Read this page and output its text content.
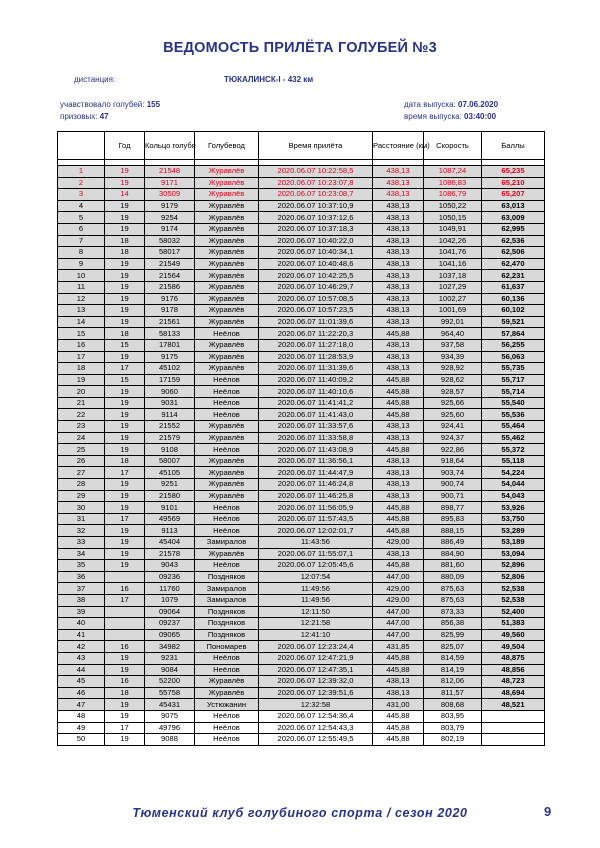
ВЕДОМОСТЬ ПРИЛЁТА ГОЛУБЕЙ №3
дистанция:	ТЮКАЛИНСК-I - 432 км
учавствовало голубей: 155
призовых: 47
дата выпуска: 07.06.2020
время выпуска: 03:40:00
	Год	Кольцо голубя	Голубевод	Время прилёта	Расстояние (км)	Скорость	Баллы

1	19	21548	Журавлёв	2020.06.07 10:22:58,5	438,13	1087,24	65,235
2	19	9171	Журавлёв	2020.06.07 10:23:07,8	438,13	1086,83	65,210
3	14	30509	Журавлёв	2020.06.07 10:23:08,7	438,13	1086,79	65,207
4	19	9179	Журавлёв	2020.06.07 10:37:10,9	438,13	1050,22	63,013
5	19	9254	Журавлёв	2020.06.07 10:37:12,6	438,13	1050,15	63,009
6	19	9174	Журавлёв	2020.06.07 10:37:18,3	438,13	1049,91	62,995
7	18	58032	Журавлёв	2020.06.07 10:40:22,0	438,13	1042,26	62,536
8	18	58017	Журавлёв	2020.06.07 10:40:34,1	438,13	1041,76	62,506
9	19	21549	Журавлёв	2020.06.07 10:40:48,6	438,13	1041,16	62,470
10	19	21564	Журавлёв	2020.06.07 10:42:25,5	438,13	1037,18	62,231
11	19	21586	Журавлёв	2020.06.07 10:46:29,7	438,13	1027,29	61,637
12	19	9176	Журавлёв	2020.06.07 10:57:08,5	438,13	1002,27	60,136
13	19	9178	Журавлёв	2020.06.07 10:57:23,5	438,13	1001,69	60,102
14	19	21561	Журавлёв	2020.06.07 11:01:39,6	438,13	992,01	59,521
15	18	58133	Неёлов	2020.06.07 11:22:20,3	445,88	964,40	57,864
16	15	17801	Журавлёв	2020.06.07 11:27:18,0	438,13	937,58	56,255
17	19	9175	Журавлёв	2020.06.07 11:28:53,9	438,13	934,39	56,063
18	17	45102	Журавлёв	2020.06.07 11:31:39,6	438,13	928,92	55,735
19	15	17159	Неёлов	2020.06.07 11:40:09,2	445,88	928,62	55,717
20	19	9060	Неёлов	2020.06.07 11:40:10,6	445,88	928,57	55,714
21	19	9031	Неёлов	2020.06.07 11:41:41,2	445,88	925,66	55,540
22	19	9114	Неёлов	2020.06.07 11:41:43,0	445,88	925,60	55,536
23	19	21552	Журавлёв	2020.06.07 11:33:57,6	438,13	924,41	55,464
24	19	21579	Журавлёв	2020.06.07 11:33:58,8	438,13	924,37	55,462
25	19	9108	Неёлов	2020.06.07 11:43:08,9	445,88	922,86	55,372
26	18	58007	Журавлёв	2020.06.07 11:36:56,1	438,13	918,64	55,118
27	17	45105	Журавлёв	2020.06.07 11:44:47,9	438,13	903,74	54,224
28	19	9251	Журавлёв	2020.06.07 11:46:24,8	438,13	900,74	54,044
29	19	21580	Журавлёв	2020.06.07 11:46:25,8	438,13	900,71	54,043
30	19	9101	Неёлов	2020.06.07 11:56:05,9	445,88	898,77	53,926
31	17	49569	Неёлов	2020.06.07 11:57:43,5	445,88	895,83	53,750
32	19	9113	Неёлов	2020.06.07 12:02:01,7	445,88	888,15	53,289
33	19	45404	Замиралов	11:43:56	429,00	886,49	53,189
34	19	21578	Журавлёв	2020.06.07 11:55:07,1	438,13	884,90	53,094
35	19	9043	Неёлов	2020.06.07 12:05:45,6	445,88	881,60	52,896
36		09236	Поздняков	12:07:54	447,00	880,09	52,806
37	16	11760	Замиралов	11:49:56	429,00	875,63	52,538
38	17	1079	Замиралов	11:49:56	429,00	875,63	52,538
39		09064	Поздняков	12:11:50	447,00	873,33	52,400
40		09237	Поздняков	12:21:58	447,00	856,38	51,383
41		09065	Поздняков	12:41:10	447,00	825,99	49,560
42	16	34982	Пономарев	2020.06.07 12:23:24,4	431,85	825,07	49,504
43	19	9231	Неёлов	2020.06.07 12:47:21,9	445,88	814,59	48,875
44	19	9084	Неёлов	2020.06.07 12:47:35,1	445,88	814,19	48,856
45	16	52200	Журавлёв	2020.06.07 12:39:32,0	438,13	812,06	48,723
46	18	55758	Журавлёв	2020.06.07 12:39:51,6	438,13	811,57	48,694
47	19	45431	Устюжанин	12:32:58	431,00	808,68	48,521
48	19	9075	Неёлов	2020.06.07 12:54:36,4	445,88	803,95	
49	17	49796	Неёлов	2020.06.07 12:54:43,3	445,88	803,79	
50	19	9088	Неёлов	2020.06.07 12:55:49,5	445,88	802,19	
Тюменский клуб голубиного спорта / сезон 2020	9
